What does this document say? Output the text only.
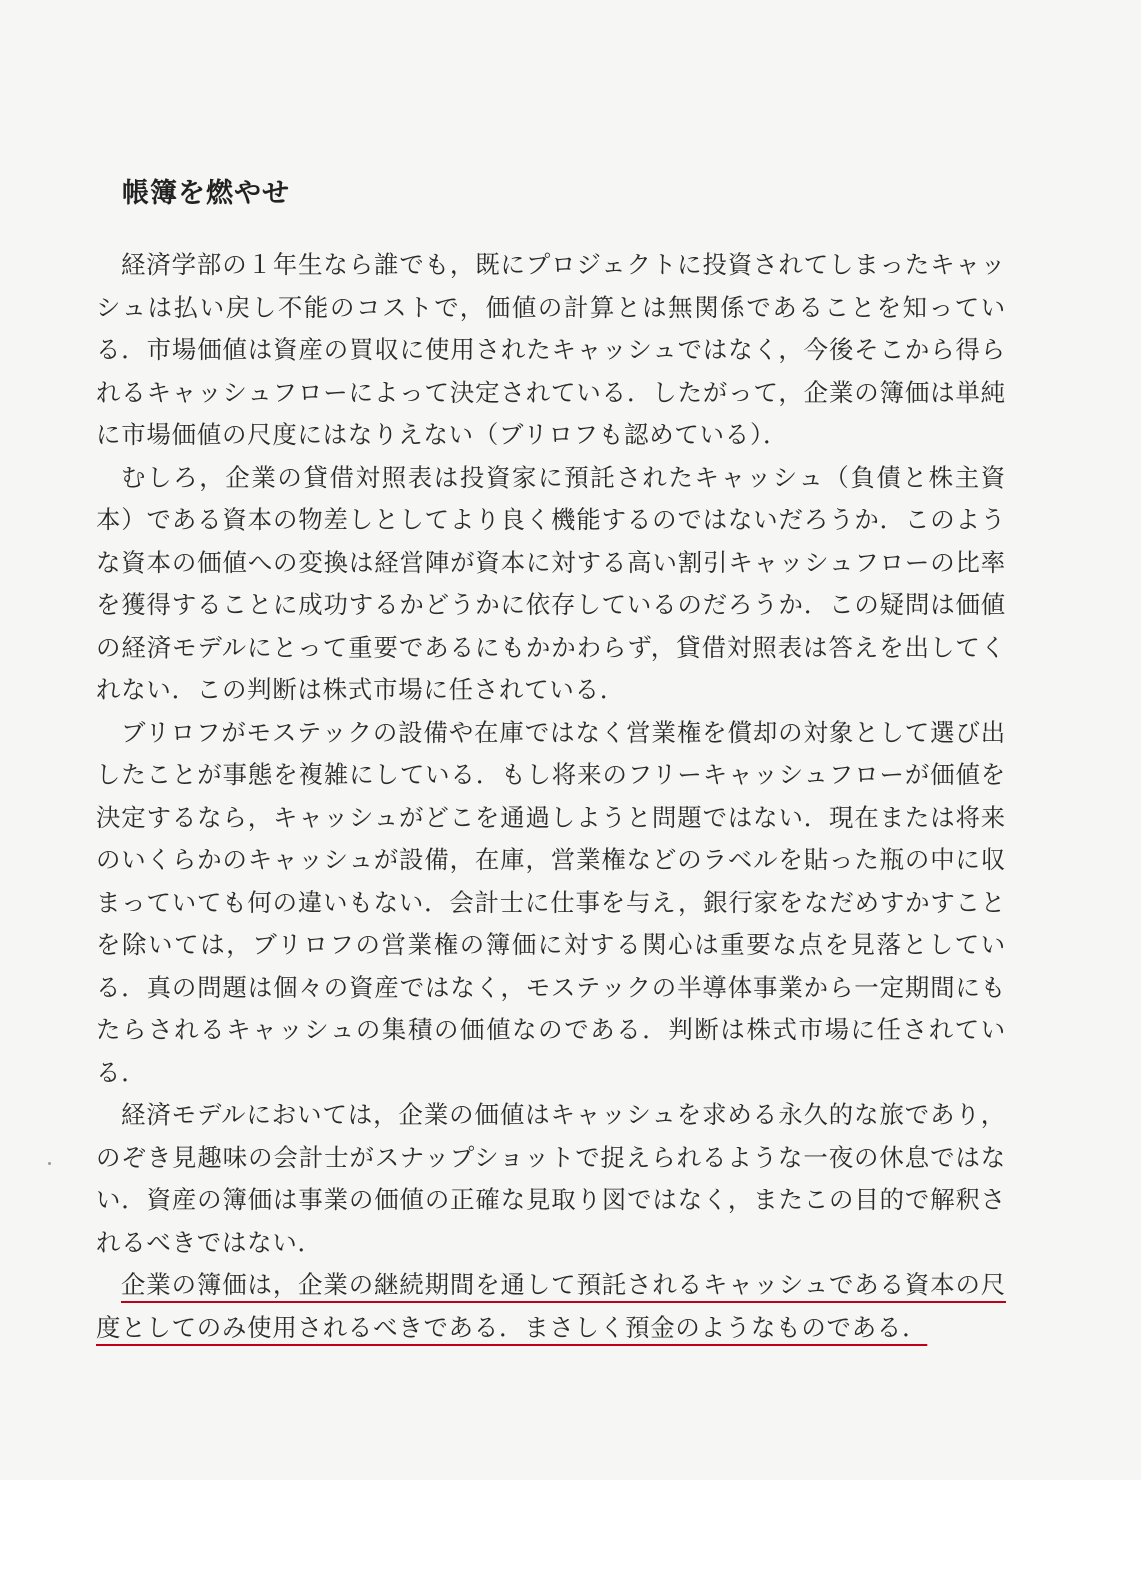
帳簿を燃やせ

経済学部の１年生なら誰でも，既にプロジェクトに投資されてしまったキャッシュは払い戻し不能のコストで，価値の計算とは無関係であることを知っている．市場価値は資産の買収に使用されたキャッシュではなく，今後そこから得られるキャッシュフローによって決定されている．したがって，企業の簿価は単純に市場価値の尺度にはなりえない（ブリロフも認めている）．

むしろ，企業の貸借対照表は投資家に預託されたキャッシュ（負債と株主資本）である資本の物差しとしてより良く機能するのではないだろうか．このような資本の価値への変換は経営陣が資本に対する高い割引キャッシュフローの比率を獲得することに成功するかどうかに依存しているのだろうか．この疑問は価値の経済モデルにとって重要であるにもかかわらず，貸借対照表は答えを出してくれない．この判断は株式市場に任されている．

ブリロフがモステックの設備や在庫ではなく営業権を償却の対象として選び出したことが事態を複雑にしている．もし将来のフリーキャッシュフローが価値を決定するなら，キャッシュがどこを通過しようと問題ではない．現在または将来のいくらかのキャッシュが設備，在庫，営業権などのラベルを貼った瓶の中に収まっていても何の違いもない．会計士に仕事を与え，銀行家をなだめすかすことを除いては，ブリロフの営業権の簿価に対する関心は重要な点を見落としている．真の問題は個々の資産ではなく，モステックの半導体事業から一定期間にもたらされるキャッシュの集積の価値なのである．判断は株式市場に任されている．

経済モデルにおいては，企業の価値はキャッシュを求める永久的な旅であり，のぞき見趣味の会計士がスナップショットで捉えられるような一夜の休息ではない．資産の簿価は事業の価値の正確な見取り図ではなく，またこの目的で解釈されるべきではない．

企業の簿価は，企業の継続期間を通して預託されるキャッシュである資本の尺度としてのみ使用されるべきである．まさしく預金のようなものである．
